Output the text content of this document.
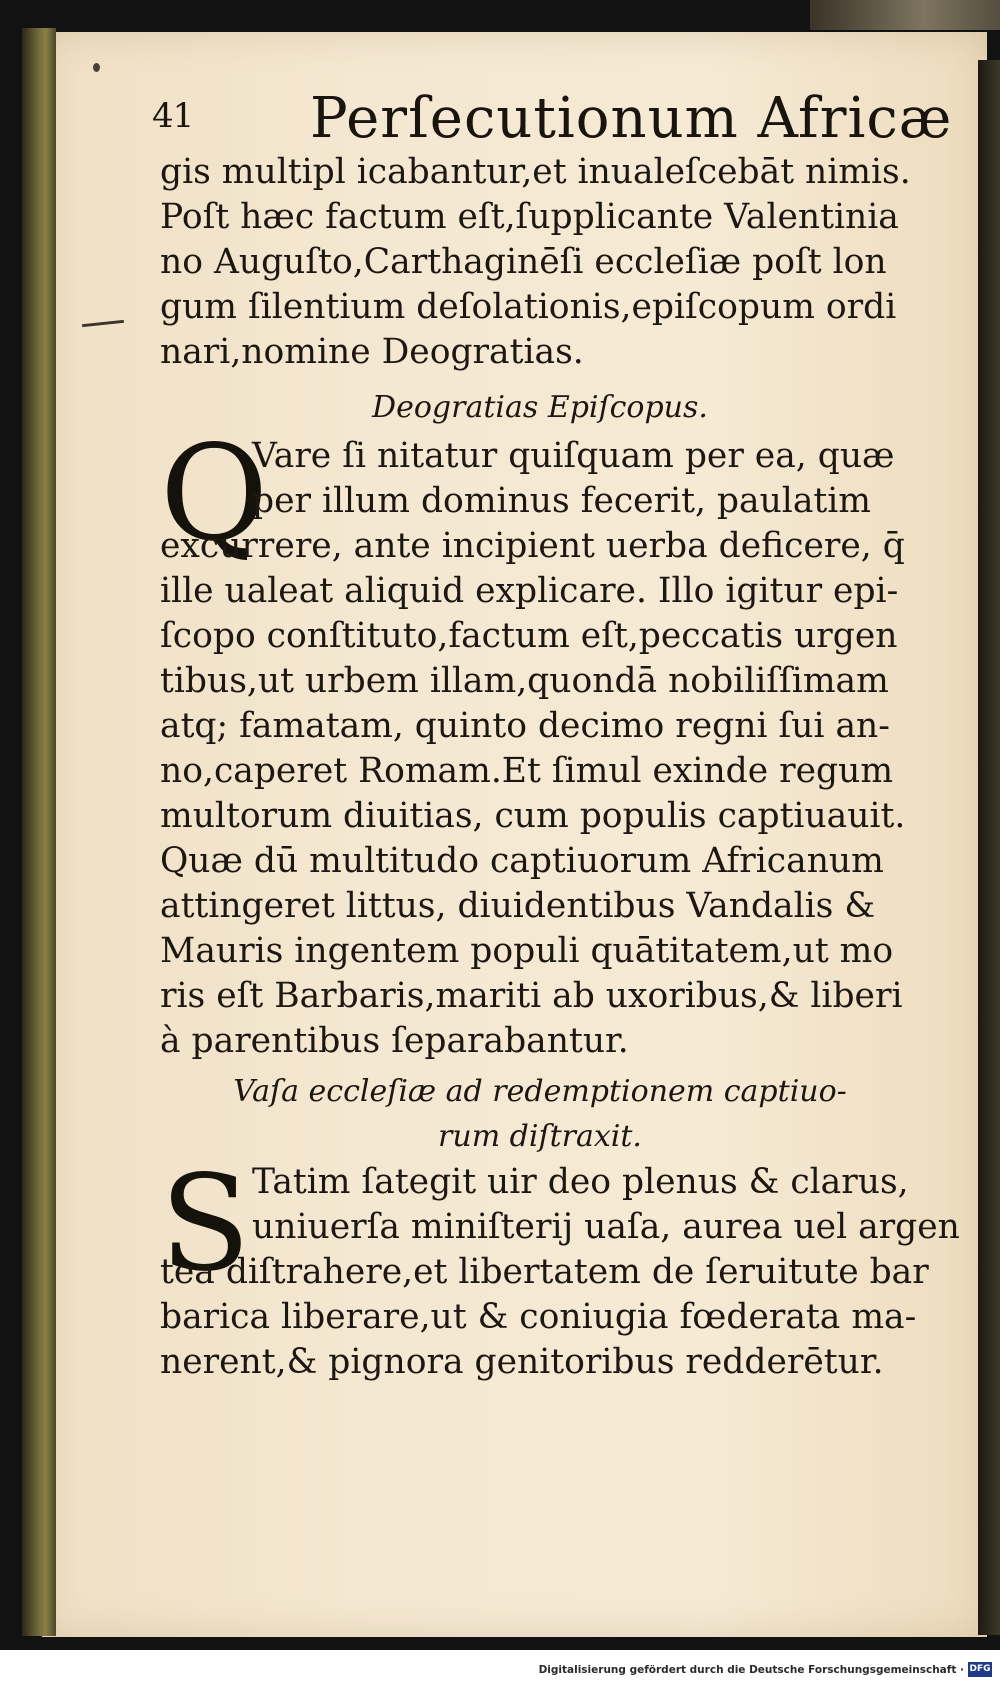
41 Perſecutionum Africæ
gis multipl icabantur,et inualeſcebāt nimis.
Poſt hæc factum eſt,ſupplicante Valentinia
no Auguſto,Carthaginēſi eccleſiæ poſt lon
gum ſilentium deſolationis,epiſcopum ordi
nari,nomine Deogratias.
Deogratias Epiſcopus.
Q
Vare ſi nitatur quiſquam per ea, quæ
per illum dominus fecerit, paulatim
excurrere, ante incipient uerba deficere, q̄
ille ualeat aliquid explicare. Illo igitur epi-
ſcopo conſtituto,factum eſt,peccatis urgen
tibus,ut urbem illam,quondā nobiliſſimam
atq; famatam, quinto decimo regni ſui an-
no,caperet Romam.Et ſimul exinde regum
multorum diuitias, cum populis captiuauit.
Quæ dū multitudo captiuorum Africanum
attingeret littus, diuidentibus Vandalis &
Mauris ingentem populi quātitatem,ut mo
ris eſt Barbaris,mariti ab uxoribus,& liberi
à parentibus ſeparabantur.
Vaſa eccleſiæ ad redemptionem captiuo-
rum diſtraxit.
S Tatim ſategit uir deo plenus & clarus,
uniuerſa miniſterij uaſa, aurea uel argen
tea diſtrahere,et libertatem de ſeruitute bar
barica liberare,ut & coniugia fœderata ma-
nerent,& pignora genitoribus redderētur.
Digitalisierung gefördert durch die Deutsche Forschungsgemeinschaft · DFG
